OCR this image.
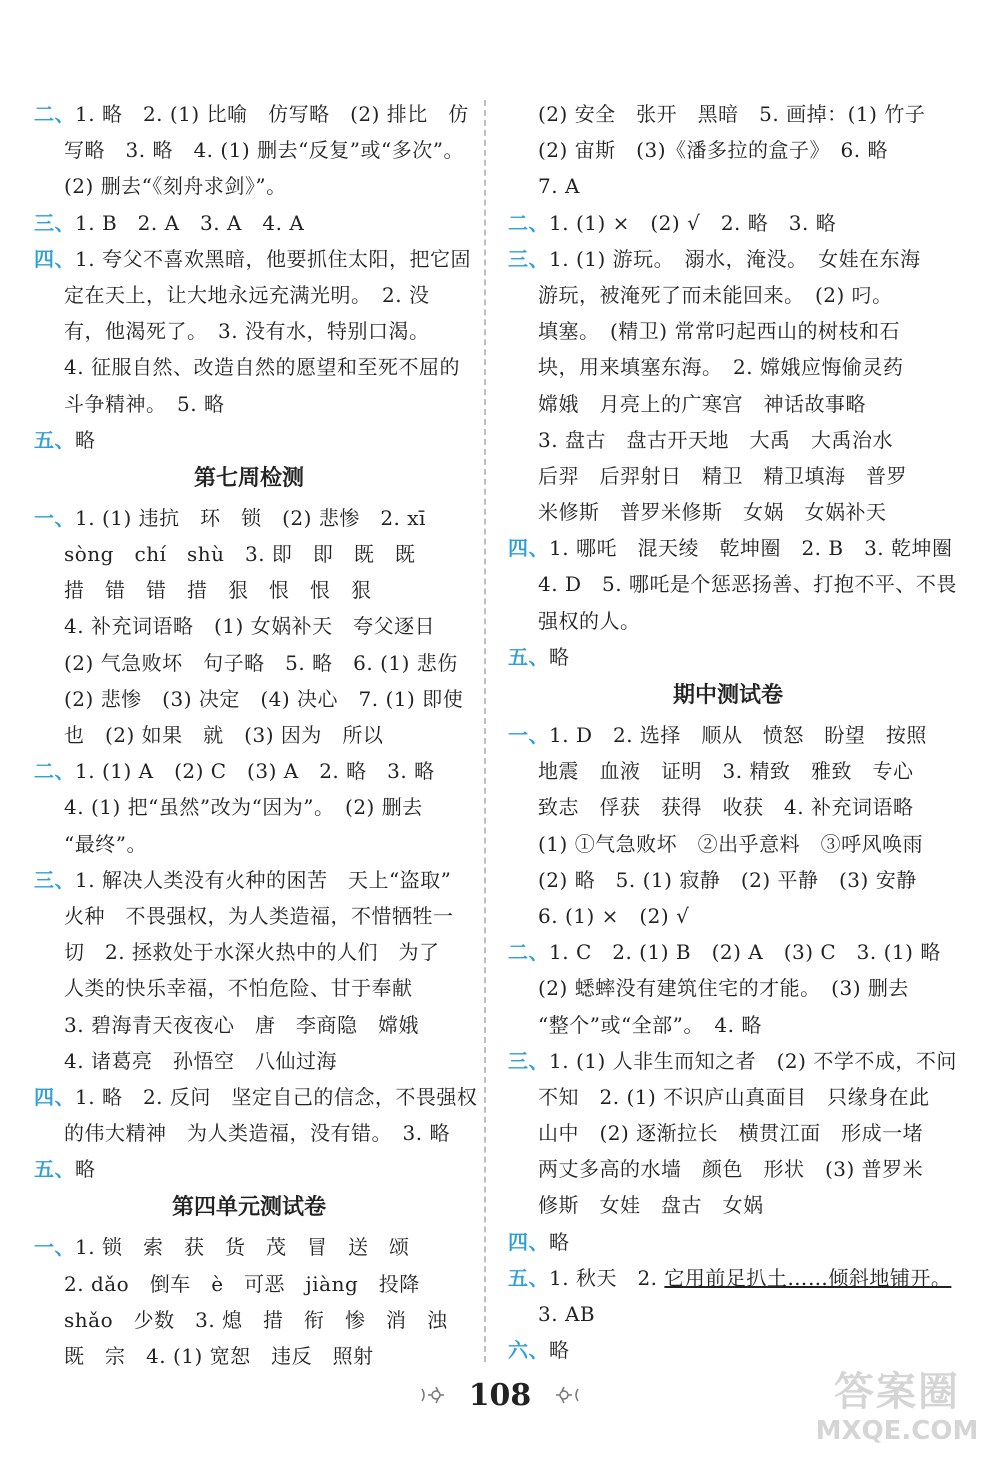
二、1. 略　2. (1) 比喻　仿写略　(2) 排比　仿
写略　3. 略　4. (1) 删去“反复”或“多次”。
(2) 删去“《刻舟求剑》”。
三、1. B　2. A　3. A　4. A
四、1. 夸父不喜欢黑暗，他要抓住太阳，把它固
定在天上，让大地永远充满光明。　2. 没
有，他渴死了。　3. 没有水，特别口渴。
4. 征服自然、改造自然的愿望和至死不屈的
斗争精神。　5. 略
五、略
第七周检测
一、1. (1) 违抗　环　锁　(2) 悲惨　2. xī
sòng　chí　shù　3. 即　即　既　既
措　错　错　措　狠　恨　恨　狠
4. 补充词语略　(1) 女娲补天　夸父逐日
(2) 气急败坏　句子略　5. 略　6. (1) 悲伤
(2) 悲惨　(3) 决定　(4) 决心　7. (1) 即使
也　(2) 如果　就　(3) 因为　所以
二、1. (1) A　(2) C　(3) A　2. 略　3. 略
4. (1) 把“虽然”改为“因为”。　(2) 删去
“最终”。
三、1. 解决人类没有火种的困苦　天上“盗取”
火种　不畏强权，为人类造福，不惜牺牲一
切　2. 拯救处于水深火热中的人们　为了
人类的快乐幸福，不怕危险、甘于奉献
3. 碧海青天夜夜心　唐　李商隐　嫦娥
4. 诸葛亮　孙悟空　八仙过海
四、1. 略　2. 反问　坚定自己的信念，不畏强权
的伟大精神　为人类造福，没有错。　3. 略
五、略
第四单元测试卷
一、1. 锁　索　获　货　茂　冒　送　颂
2. dǎo　倒车　è　可恶　jiàng　投降
shǎo　少数　3. 熄　措　衔　惨　消　浊
既　宗　4. (1) 宽恕　违反　照射
(2) 安全　张开　黑暗　5. 画掉：(1) 竹子
(2) 宙斯　(3)《潘多拉的盒子》　6. 略
7. A
二、1. (1) ×　(2) √　2. 略　3. 略
三、1. (1) 游玩。　溺水，淹没。　女娃在东海
游玩，被淹死了而未能回来。　(2) 叼。
填塞。　(精卫) 常常叼起西山的树枝和石
块，用来填塞东海。　2. 嫦娥应悔偷灵药
嫦娥　月亮上的广寒宫　神话故事略
3. 盘古　盘古开天地　大禹　大禹治水
后羿　后羿射日　精卫　精卫填海　普罗
米修斯　普罗米修斯　女娲　女娲补天
四、1. 哪吒　混天绫　乾坤圈　2. B　3. 乾坤圈
4. D　5. 哪吒是个惩恶扬善、打抱不平、不畏
强权的人。
五、略
期中测试卷
一、1. D　2. 选择　顺从　愤怒　盼望　按照
地震　血液　证明　3. 精致　雅致　专心
致志　俘获　获得　收获　4. 补充词语略
(1) ①气急败坏　②出乎意料　③呼风唤雨
(2) 略　5. (1) 寂静　(2) 平静　(3) 安静
6. (1) ×　(2) √
二、1. C　2. (1) B　(2) A　(3) C　3. (1) 略
(2) 蟋蟀没有建筑住宅的才能。　(3) 删去
“整个”或“全部”。　4. 略
三、1. (1) 人非生而知之者　(2) 不学不成，不问
不知　2. (1) 不识庐山真面目　只缘身在此
山中　(2) 逐渐拉长　横贯江面　形成一堵
两丈多高的水墙　颜色　形状　(3) 普罗米
修斯　女娃　盘古　女娲
四、略
五、1. 秋天　2. 它用前足扒土……倾斜地铺开。
3. AB
六、略
108	答案圈
MXQE.COM
